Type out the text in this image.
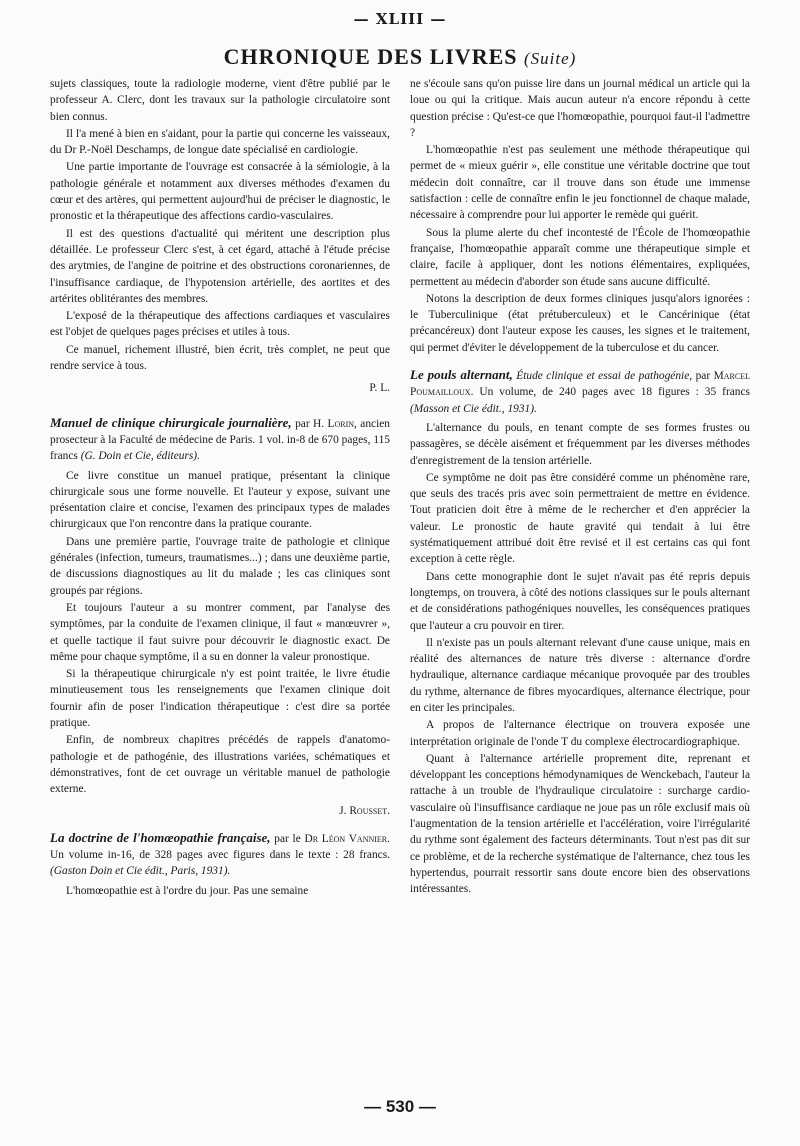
— XLIII —
CHRONIQUE DES LIVRES (Suite)

sujets classiques, toute la radiologie moderne, vient d'être publié par le professeur A. Clerc, dont les travaux sur la pathologie circulatoire sont bien connus.

Il l'a mené à bien en s'aidant, pour la partie qui concerne les vaisseaux, du Dr P.-Noël Deschamps, de longue date spécialisé en cardiologie.

Une partie importante de l'ouvrage est consacrée à la sémiologie, à la pathologie générale et notamment aux diverses méthodes d'examen du cœur et des artères, qui permettent aujourd'hui de préciser le diagnostic, le pronostic et la thérapeutique des affections cardio-vasculaires.

Il est des questions d'actualité qui méritent une description plus détaillée. Le professeur Clerc s'est, à cet égard, attaché à l'étude précise des arytmies, de l'angine de poitrine et des obstructions coronariennes, de l'insuffisance cardiaque, de l'hypotension artérielle, des aortites et des artérites oblitérantes des membres.

L'exposé de la thérapeutique des affections cardiaques et vasculaires est l'objet de quelques pages précises et utiles à tous.

Ce manuel, richement illustré, bien écrit, très complet, ne peut que rendre service à tous.

P. L.

Manuel de clinique chirurgicale journalière, par H. Lorin, ancien prosecteur à la Faculté de médecine de Paris. 1 vol. in-8 de 670 pages, 115 francs (G. Doin et Cie, éditeurs).

Ce livre constitue un manuel pratique, présentant la clinique chirurgicale sous une forme nouvelle. Et l'auteur y expose, suivant une présentation claire et concise, l'examen des principaux types de malades chirurgicaux que l'on rencontre dans la pratique courante.

Dans une première partie, l'ouvrage traite de pathologie et clinique générales (infection, tumeurs, traumatismes...) ; dans une deuxième partie, de discussions diagnostiques au lit du malade ; les cas cliniques sont groupés par régions.

Et toujours l'auteur a su montrer comment, par l'analyse des symptômes, par la conduite de l'examen clinique, il faut « manœuvrer », et quelle tactique il faut suivre pour découvrir le diagnostic exact. De même pour chaque symptôme, il a su en donner la valeur pronostique.

Si la thérapeutique chirurgicale n'y est point traitée, le livre étudie minutieusement tous les renseignements que l'examen clinique doit fournir afin de poser l'indication thérapeutique : c'est dire sa portée pratique.

Enfin, de nombreux chapitres précédés de rappels d'anatomo-pathologie et de pathogénie, des illustrations variées, schématiques et démonstratives, font de cet ouvrage un véritable manuel de pathologie externe.

J. Rousset.

La doctrine de l'homœopathie française, par le Dr Léon Vannier. Un volume in-16, de 328 pages avec figures dans le texte : 28 francs. (Gaston Doin et Cie édit., Paris, 1931).

L'homœopathie est à l'ordre du jour. Pas une semaine

ne s'écoule sans qu'on puisse lire dans un journal médical un article qui la loue ou qui la critique. Mais aucun auteur n'a encore répondu à cette question précise : Qu'est-ce que l'homœopathie, pourquoi faut-il l'admettre ?

L'homœopathie n'est pas seulement une méthode thérapeutique qui permet de « mieux guérir », elle constitue une véritable doctrine que tout médecin doit connaître, car il trouve dans son étude une immense satisfaction : celle de connaître enfin le jeu fonctionnel de chaque malade, nécessaire à comprendre pour lui apporter le remède qui guérit.

Sous la plume alerte du chef incontesté de l'École de l'homœopathie française, l'homœopathie apparaît comme une thérapeutique simple et claire, facile à appliquer, dont les notions élémentaires, expliquées, permettent au médecin d'aborder son étude sans aucune difficulté.

Notons la description de deux formes cliniques jusqu'alors ignorées : le Tuberculinique (état prétuberculeux) et le Cancérinique (état précancéreux) dont l'auteur expose les causes, les signes et le traitement, qui permet d'éviter le développement de la tuberculose et du cancer.

Le pouls alternant, Étude clinique et essai de pathogénie, par Marcel Poumailloux. Un volume, de 240 pages avec 18 figures : 35 francs (Masson et Cie édit., 1931).

L'alternance du pouls, en tenant compte de ses formes frustes ou passagères, se décèle aisément et fréquemment par les diverses méthodes d'enregistrement de la tension artérielle.

Ce symptôme ne doit pas être considéré comme un phénomène rare, que seuls des tracés pris avec soin permettraient de mettre en évidence. Tout praticien doit être à même de le rechercher et d'en apprécier la valeur. Le pronostic de haute gravité qui tendait à lui être systématiquement attribué doit être revisé et il est certains cas qui font exception à cette règle.

Dans cette monographie dont le sujet n'avait pas été repris depuis longtemps, on trouvera, à côté des notions classiques sur le pouls alternant et de considérations pathogéniques nouvelles, les conséquences pratiques que l'auteur a cru pouvoir en tirer.

Il n'existe pas un pouls alternant relevant d'une cause unique, mais en réalité des alternances de nature très diverse : alternance d'ordre hydraulique, alternance cardiaque mécanique provoquée par des troubles du rythme, alternance de fibres myocardiques, alternance électrique, pour en citer les principales.

A propos de l'alternance électrique on trouvera exposée une interprétation originale de l'onde T du complexe électrocardiographique.

Quant à l'alternance artérielle proprement dite, reprenant et développant les conceptions hémodynamiques de Wenckebach, l'auteur la rattache à un trouble de l'hydraulique circulatoire : surcharge cardio-vasculaire où l'insuffisance cardiaque ne joue pas un rôle exclusif mais où l'augmentation de la tension artérielle et l'accélération, voire l'irrégularité du rythme sont également des facteurs déterminants. Tout n'est pas dit sur ce problème, et de la recherche systématique de l'alternance, chez tous les hypertendus, pourrait ressortir sans doute encore bien des observations intéressantes.

— 530 —
